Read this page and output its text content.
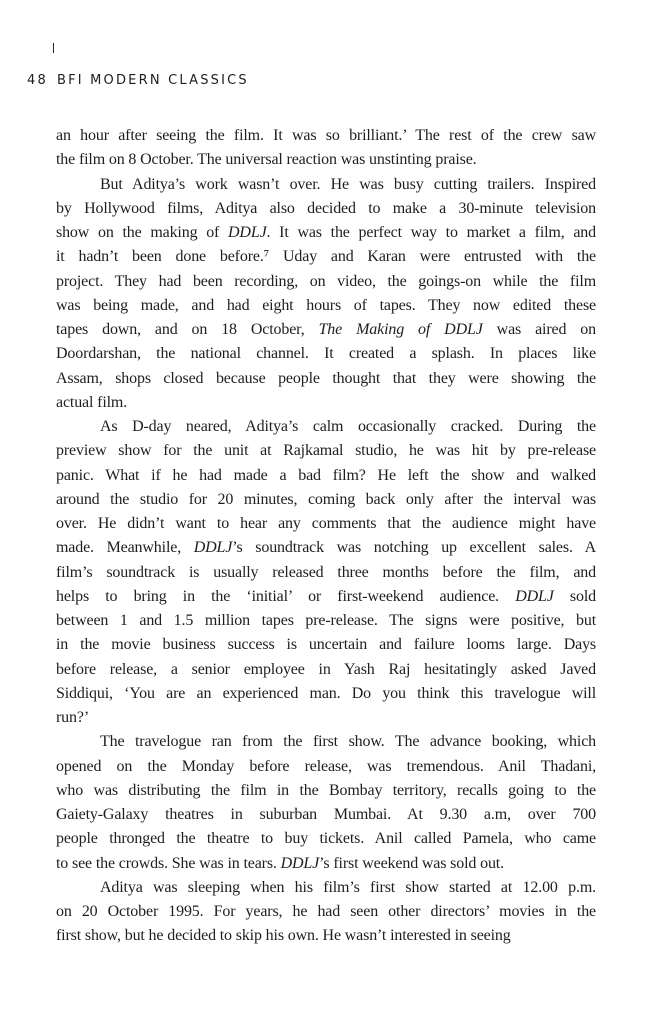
48 BFI MODERN CLASSICS
an hour after seeing the film. It was so brilliant.’ The rest of the crew saw
the film on 8 October. The universal reaction was unstinting praise.
But Aditya’s work wasn’t over. He was busy cutting trailers. Inspired
by Hollywood films, Aditya also decided to make a 30-minute television
show on the making of DDLJ. It was the perfect way to market a film, and
it hadn’t been done before.⁷ Uday and Karan were entrusted with the
project. They had been recording, on video, the goings-on while the film
was being made, and had eight hours of tapes. They now edited these
tapes down, and on 18 October, The Making of DDLJ was aired on
Doordarshan, the national channel. It created a splash. In places like
Assam, shops closed because people thought that they were showing the
actual film.
As D-day neared, Aditya’s calm occasionally cracked. During the
preview show for the unit at Rajkamal studio, he was hit by pre-release
panic. What if he had made a bad film? He left the show and walked
around the studio for 20 minutes, coming back only after the interval was
over. He didn’t want to hear any comments that the audience might have
made. Meanwhile, DDLJ’s soundtrack was notching up excellent sales. A
film’s soundtrack is usually released three months before the film, and
helps to bring in the ‘initial’ or first-weekend audience. DDLJ sold
between 1 and 1.5 million tapes pre-release. The signs were positive, but
in the movie business success is uncertain and failure looms large. Days
before release, a senior employee in Yash Raj hesitatingly asked Javed
Siddiqui, ‘You are an experienced man. Do you think this travelogue will
run?’
The travelogue ran from the first show. The advance booking, which
opened on the Monday before release, was tremendous. Anil Thadani,
who was distributing the film in the Bombay territory, recalls going to the
Gaiety-Galaxy theatres in suburban Mumbai. At 9.30 a.m, over 700
people thronged the theatre to buy tickets. Anil called Pamela, who came
to see the crowds. She was in tears. DDLJ’s first weekend was sold out.
Aditya was sleeping when his film’s first show started at 12.00 p.m.
on 20 October 1995. For years, he had seen other directors’ movies in the
first show, but he decided to skip his own. He wasn’t interested in seeing
